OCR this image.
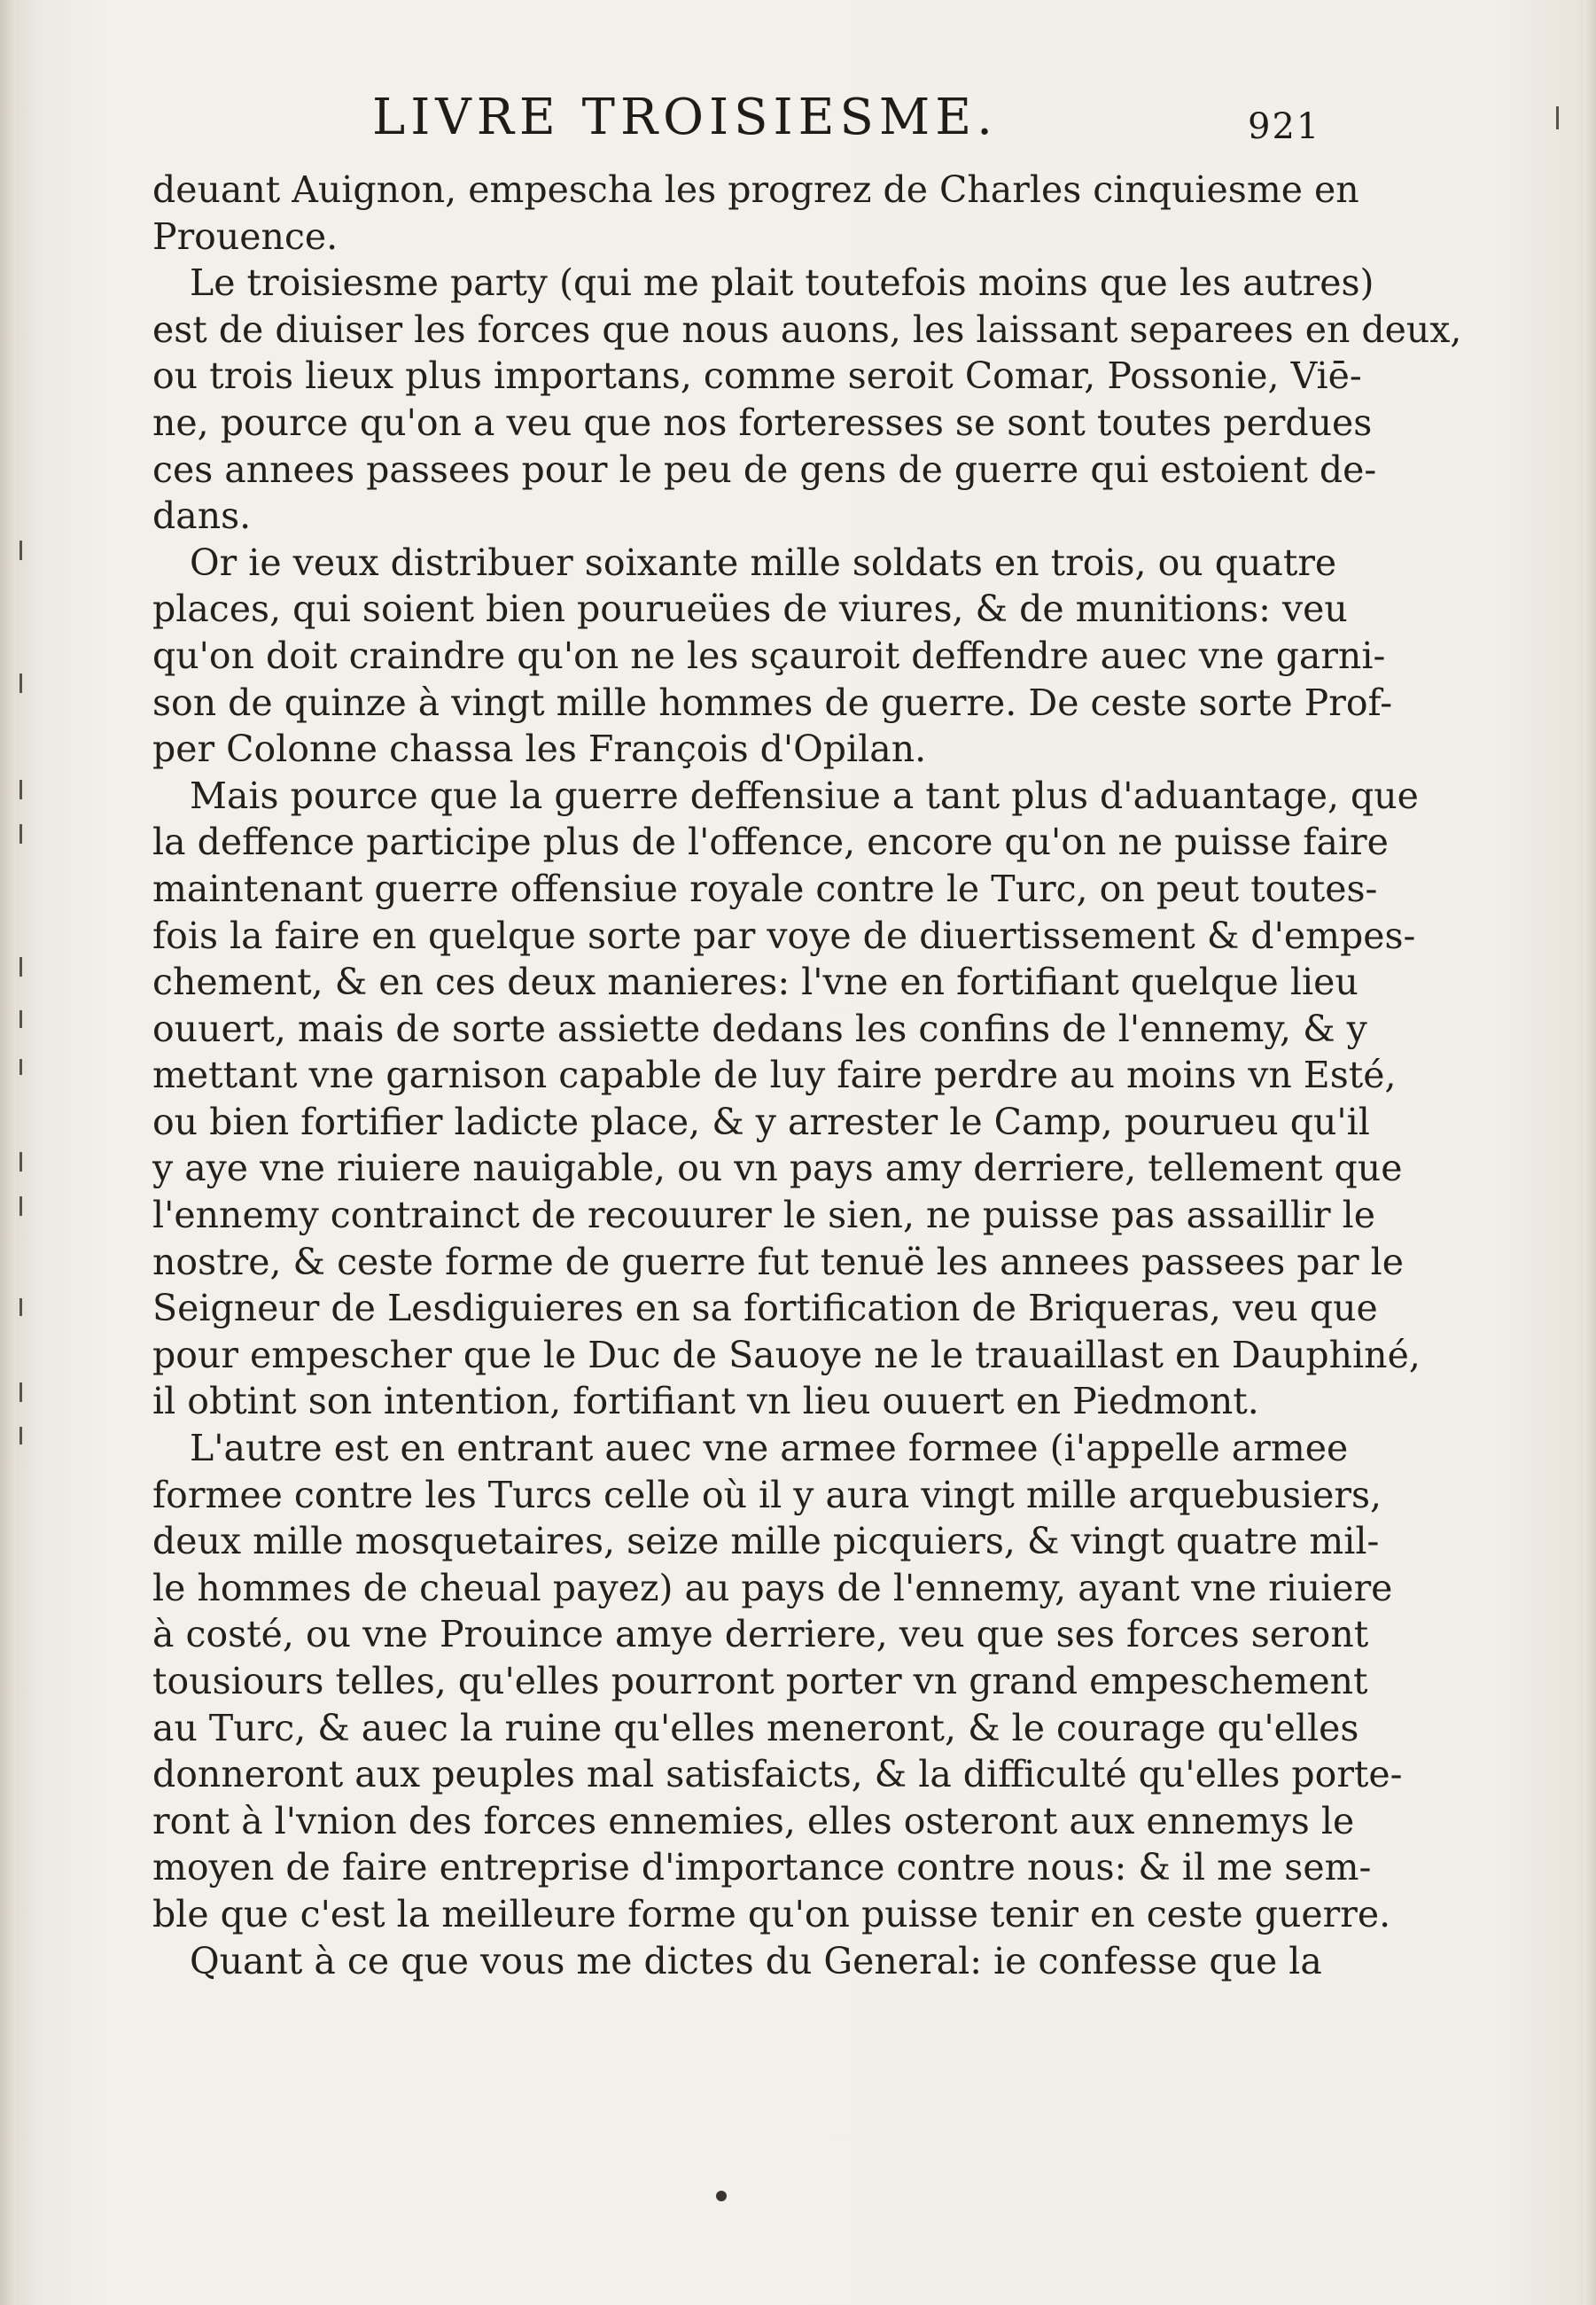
LIVRE TROISIESME.	921
deuant Auignon, empescha les progrez de Charles cinquiesme en
Prouence.
Le troisiesme party (qui me plait toutefois moins que les autres)
est de diuiser les forces que nous auons, les laissant separees en deux,
ou trois lieux plus importans, comme seroit Comar, Possonie, Viē-
ne, pource qu'on a veu que nos forteresses se sont toutes perdues
ces annees passees pour le peu de gens de guerre qui estoient de-
dans.
Or ie veux distribuer soixante mille soldats en trois, ou quatre
places, qui soient bien pourueües de viures, & de munitions: veu
qu'on doit craindre qu'on ne les sçauroit deffendre auec vne garni-
son de quinze à vingt mille hommes de guerre. De ceste sorte Prof-
per Colonne chassa les François d'Opilan.
Mais pource que la guerre deffensiue a tant plus d'aduantage, que
la deffence participe plus de l'offence, encore qu'on ne puisse faire
maintenant guerre offensiue royale contre le Turc, on peut toutes-
fois la faire en quelque sorte par voye de diuertissement & d'empes-
chement, & en ces deux manieres: l'vne en fortifiant quelque lieu
ouuert, mais de sorte assiette dedans les confins de l'ennemy, & y
mettant vne garnison capable de luy faire perdre au moins vn Esté,
ou bien fortifier ladicte place, & y arrester le Camp, pourueu qu'il
y aye vne riuiere nauigable, ou vn pays amy derriere, tellement que
l'ennemy contrainct de recouurer le sien, ne puisse pas assaillir le
nostre, & ceste forme de guerre fut tenuë les annees passees par le
Seigneur de Lesdiguieres en sa fortification de Briqueras, veu que
pour empescher que le Duc de Sauoye ne le trauaillast en Dauphiné,
il obtint son intention, fortifiant vn lieu ouuert en Piedmont.
L'autre est en entrant auec vne armee formee (i'appelle armee
formee contre les Turcs celle où il y aura vingt mille arquebusiers,
deux mille mosquetaires, seize mille picquiers, & vingt quatre mil-
le hommes de cheual payez) au pays de l'ennemy, ayant vne riuiere
à costé, ou vne Prouince amye derriere, veu que ses forces seront
tousiours telles, qu'elles pourront porter vn grand empeschement
au Turc, & auec la ruine qu'elles meneront, & le courage qu'elles
donneront aux peuples mal satisfaicts, & la difficulté qu'elles porte-
ront à l'vnion des forces ennemies, elles osteront aux ennemys le
moyen de faire entreprise d'importance contre nous: & il me sem-
ble que c'est la meilleure forme qu'on puisse tenir en ceste guerre.
Quant à ce que vous me dictes du General: ie confesse que la
